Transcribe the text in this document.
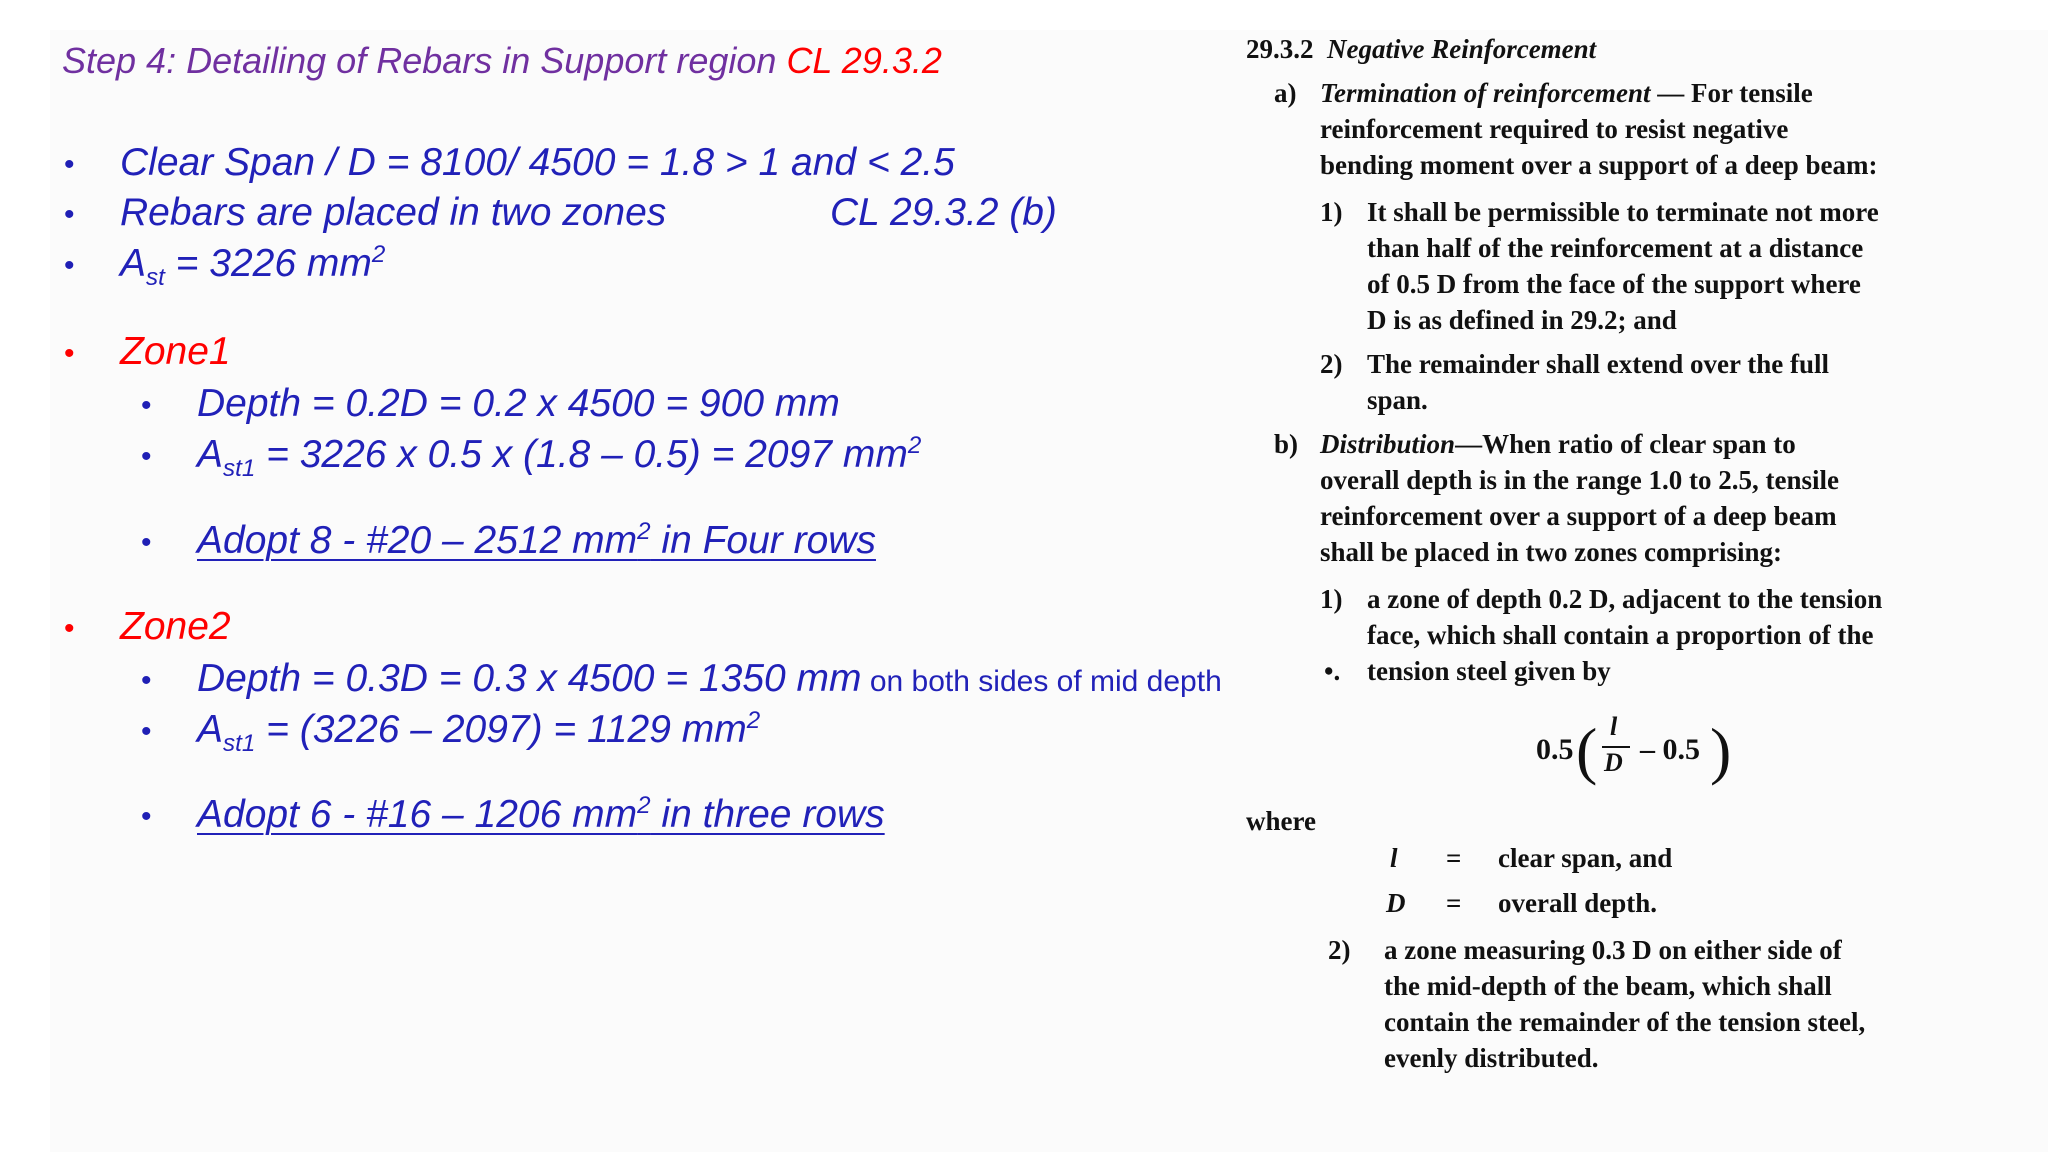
Step 4: Detailing of Rebars in Support region CL 29.3.2
• Clear Span / D = 8100/ 4500 = 1.8 > 1 and < 2.5
• Rebars are placed in two zones	CL 29.3.2 (b)
• $A_{st} = 3226$ $mm^2$
• Zone1
• Depth = 0.2D = 0.2 x 4500 = 900 mm
• $A_{st1} = 3226$ x 0.5 x (1.8 – 0.5) = 2097 $mm^2$
• Adopt 8 - #20 – 2512 $mm^2$ in Four rows
• Zone2
• Depth = 0.3D = 0.3 x 4500 = 1350 mm on both sides of mid depth
• $A_{st1} = (3226 - 2097) = 1129$ $mm^2$
• Adopt 6 - #16 – 1206 $mm^2$ in three rows
29.3.2 Negative Reinforcement
a) Termination of reinforcement — For tensile
reinforcement required to resist negative
bending moment over a support of a deep beam:
1) It shall be permissible to terminate not more
than half of the reinforcement at a distance
of 0.5 D from the face of the support where
D is as defined in 29.2; and
2) The remainder shall extend over the full
span.
b) Distribution—When ratio of clear span to
overall depth is in the range 1.0 to 2.5, tensile
reinforcement over a support of a deep beam
shall be placed in two zones comprising:
1) a zone of depth 0.2 D, adjacent to the tension
face, which shall contain a proportion of the
•. tension steel given by
0.5 ( l
D – 0.5 )
where
l = clear span, and
D = overall depth.
2) a zone measuring 0.3 D on either side of
the mid-depth of the beam, which shall
contain the remainder of the tension steel,
evenly distributed.
